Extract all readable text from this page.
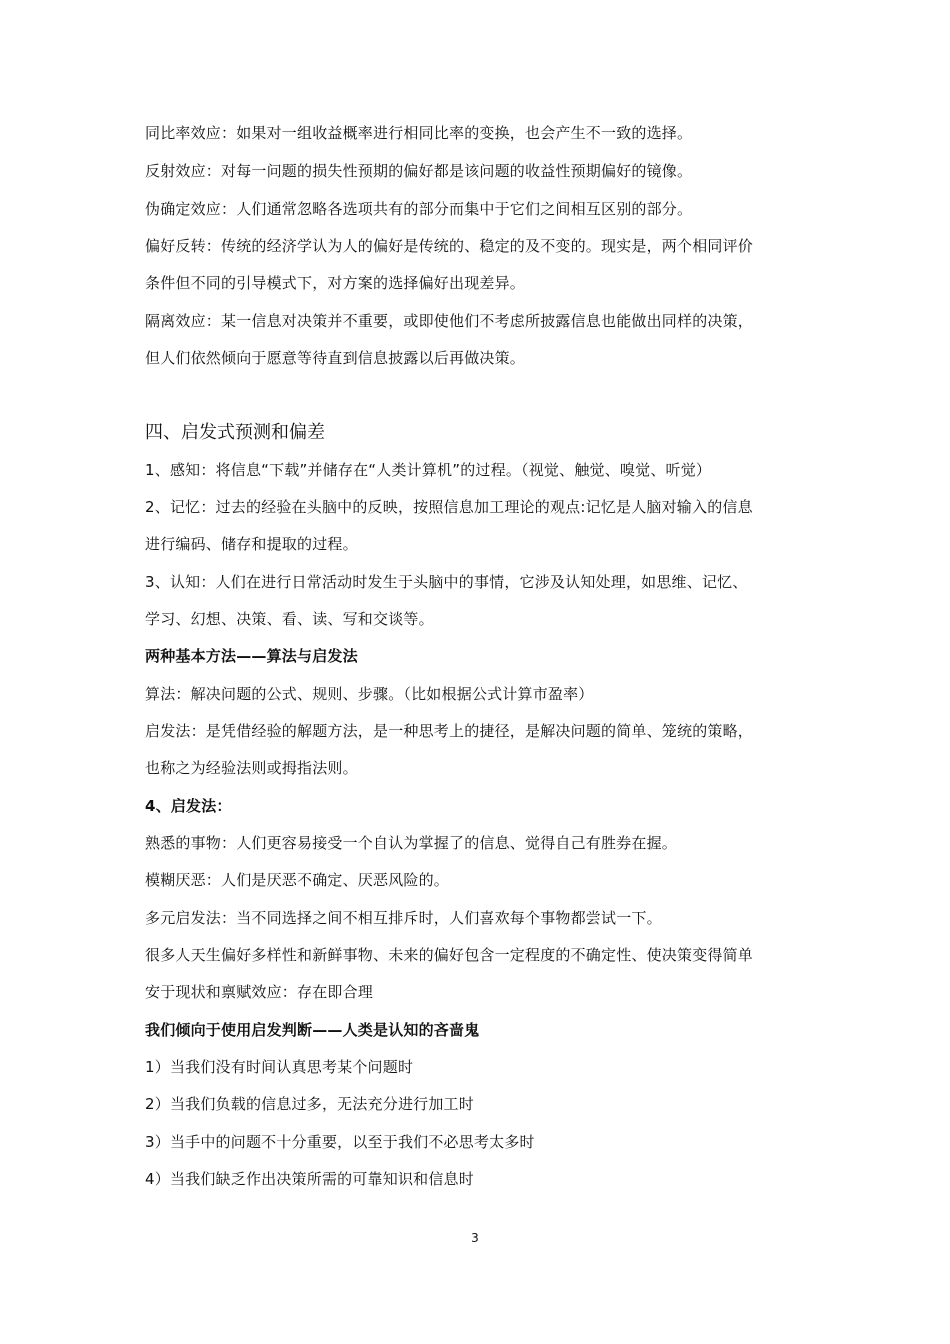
同比率效应：如果对一组收益概率进行相同比率的变换，也会产生不一致的选择。
反射效应：对每一问题的损失性预期的偏好都是该问题的收益性预期偏好的镜像。
伪确定效应：人们通常忽略各选项共有的部分而集中于它们之间相互区别的部分。
偏好反转：传统的经济学认为人的偏好是传统的、稳定的及不变的。现实是，两个相同评价
条件但不同的引导模式下，对方案的选择偏好出现差异。
隔离效应：某一信息对决策并不重要，或即使他们不考虑所披露信息也能做出同样的决策，
但人们依然倾向于愿意等待直到信息披露以后再做决策。
四、启发式预测和偏差
1、感知：将信息“下载”并储存在“人类计算机”的过程。（视觉、触觉、嗅觉、听觉）
2、记忆：过去的经验在头脑中的反映，按照信息加工理论的观点:记忆是人脑对输入的信息
进行编码、储存和提取的过程。
3、认知：人们在进行日常活动时发生于头脑中的事情，它涉及认知处理，如思维、记忆、
学习、幻想、决策、看、读、写和交谈等。
两种基本方法——算法与启发法
算法：解决问题的公式、规则、步骤。（比如根据公式计算市盈率）
启发法：是凭借经验的解题方法，是一种思考上的捷径，是解决问题的简单、笼统的策略，
也称之为经验法则或拇指法则。
4、启发法：
熟悉的事物：人们更容易接受一个自认为掌握了的信息、觉得自己有胜券在握。
模糊厌恶：人们是厌恶不确定、厌恶风险的。
多元启发法：当不同选择之间不相互排斥时，人们喜欢每个事物都尝试一下。
很多人天生偏好多样性和新鲜事物、未来的偏好包含一定程度的不确定性、使决策变得简单
安于现状和禀赋效应：存在即合理
我们倾向于使用启发判断——人类是认知的吝啬鬼
1）当我们没有时间认真思考某个问题时
2）当我们负载的信息过多，无法充分进行加工时
3）当手中的问题不十分重要，以至于我们不必思考太多时
4）当我们缺乏作出决策所需的可靠知识和信息时
3
